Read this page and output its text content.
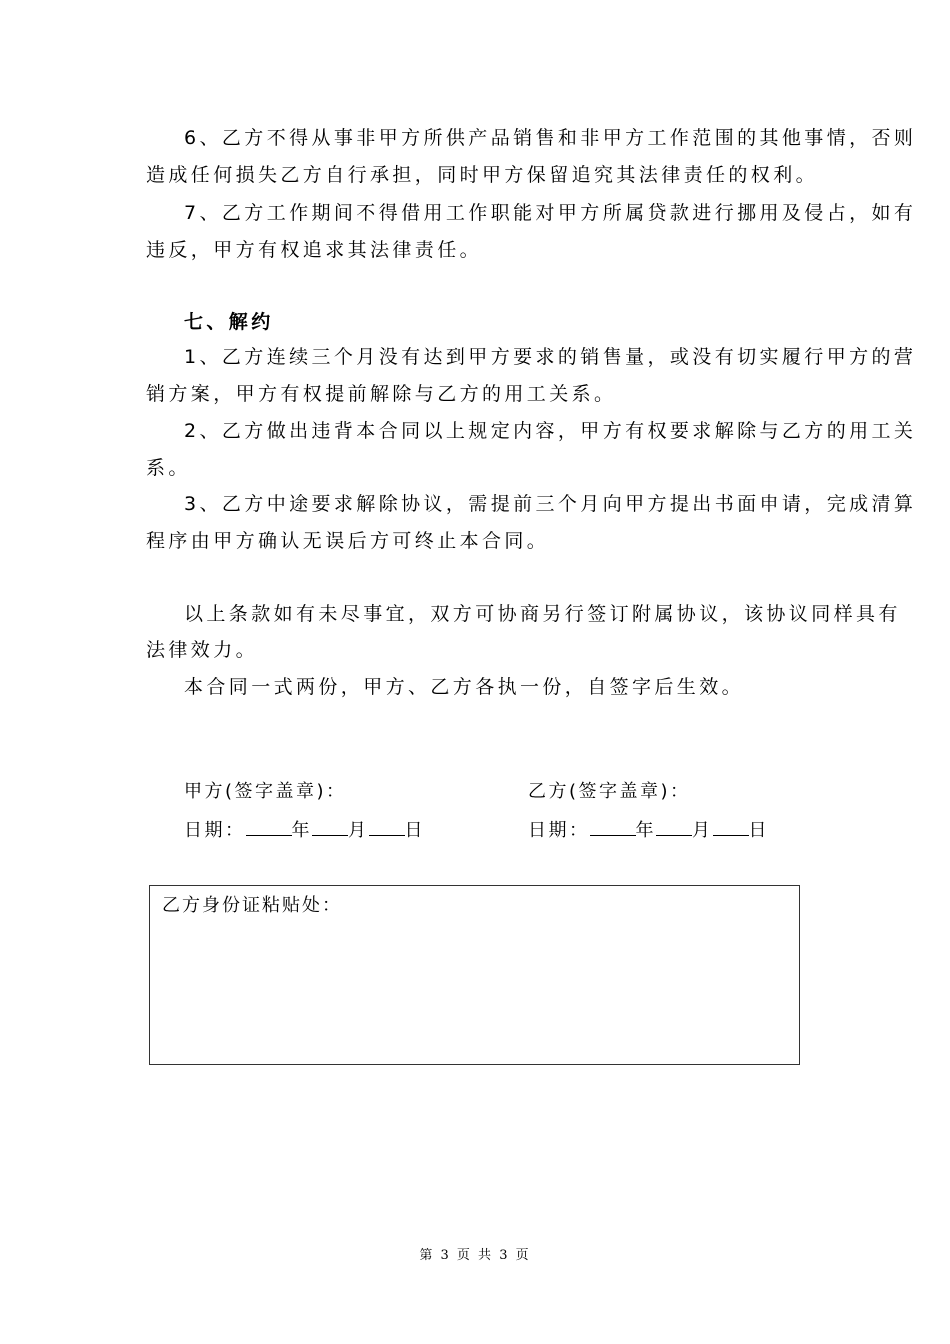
6、乙方不得从事非甲方所供产品销售和非甲方工作范围的其他事情，否则
造成任何损失乙方自行承担，同时甲方保留追究其法律责任的权利。
7、乙方工作期间不得借用工作职能对甲方所属贷款进行挪用及侵占，如有
违反，甲方有权追求其法律责任。
七、解约
1、乙方连续三个月没有达到甲方要求的销售量，或没有切实履行甲方的营
销方案，甲方有权提前解除与乙方的用工关系。
2、乙方做出违背本合同以上规定内容，甲方有权要求解除与乙方的用工关
系。
3、乙方中途要求解除协议，需提前三个月向甲方提出书面申请，完成清算
程序由甲方确认无误后方可终止本合同。
以上条款如有未尽事宜，双方可协商另行签订附属协议，该协议同样具有
法律效力。
本合同一式两份，甲方、乙方各执一份，自签字后生效。
甲方(签字盖章)：
日期：	年 月 日
乙方(签字盖章)：
日期：	年 月 日
乙方身份证粘贴处：
第 3 页 共 3 页
